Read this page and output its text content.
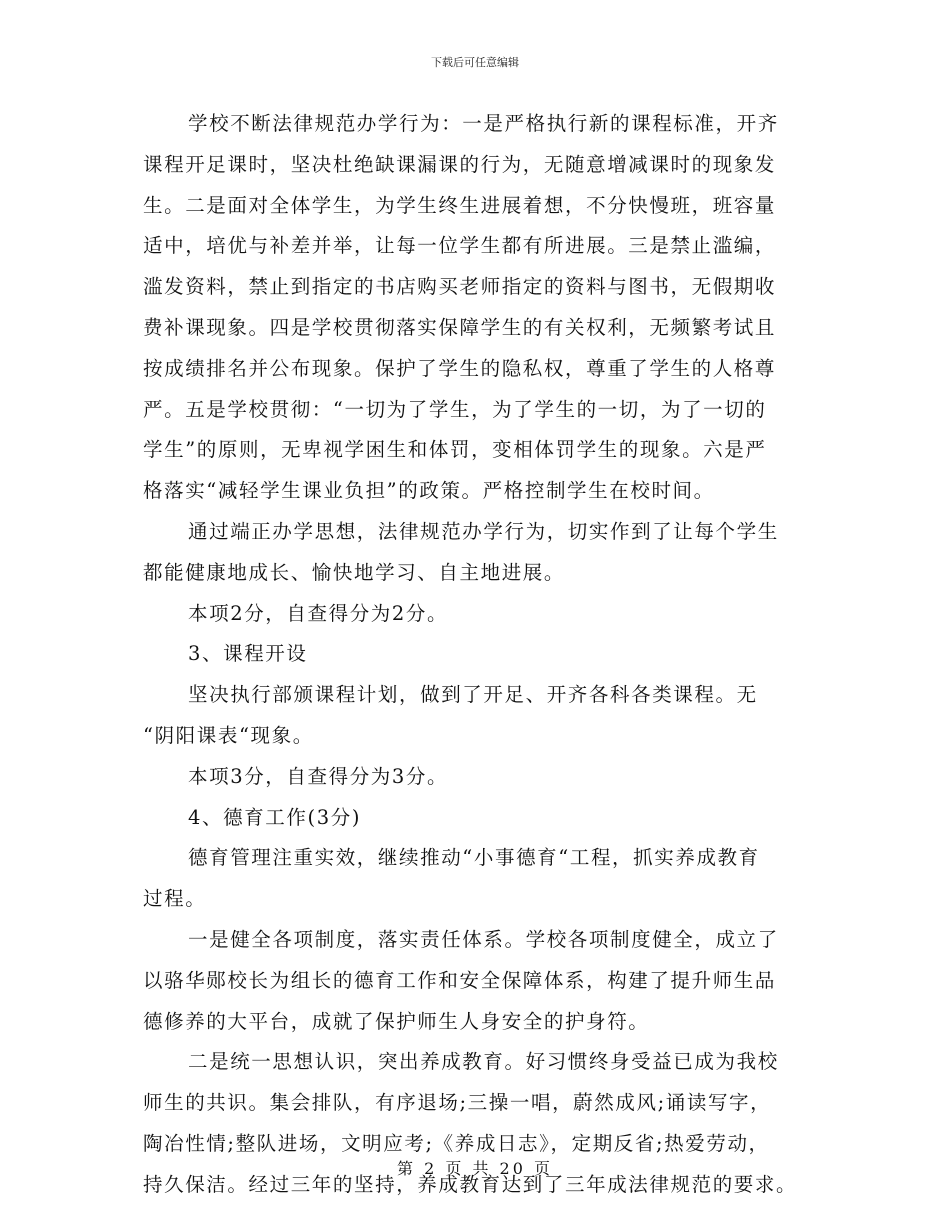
下载后可任意编辑
学校不断法律规范办学行为：一是严格执行新的课程标准，开齐
课程开足课时，坚决杜绝缺课漏课的行为，无随意增减课时的现象发
生。二是面对全体学生，为学生终生进展着想，不分快慢班，班容量
适中，培优与补差并举，让每一位学生都有所进展。三是禁止滥编，
滥发资料，禁止到指定的书店购买老师指定的资料与图书，无假期收
费补课现象。四是学校贯彻落实保障学生的有关权利，无频繁考试且
按成绩排名并公布现象。保护了学生的隐私权，尊重了学生的人格尊
严。五是学校贯彻：“一切为了学生，为了学生的一切，为了一切的
学生”的原则，无卑视学困生和体罚，变相体罚学生的现象。六是严
格落实“减轻学生课业负担”的政策。严格控制学生在校时间。
通过端正办学思想，法律规范办学行为，切实作到了让每个学生
都能健康地成长、愉快地学习、自主地进展。
本项2分，自查得分为2分。
3、课程开设
坚决执行部颁课程计划，做到了开足、开齐各科各类课程。无
“阴阳课表“现象。
本项3分，自查得分为3分。
4、德育工作(3分)
德育管理注重实效，继续推动“小事德育“工程，抓实养成教育
过程。
一是健全各项制度，落实责任体系。学校各项制度健全，成立了
以骆华郧校长为组长的德育工作和安全保障体系，构建了提升师生品
德修养的大平台，成就了保护师生人身安全的护身符。
二是统一思想认识，突出养成教育。好习惯终身受益已成为我校
师生的共识。集会排队，有序退场;三操一唱，蔚然成风;诵读写字，
陶冶性情;整队进场，文明应考;《养成日志》，定期反省;热爱劳动，
持久保洁。经过三年的坚持，养成教育达到了三年成法律规范的要求。
第 2 页 共 20 页
